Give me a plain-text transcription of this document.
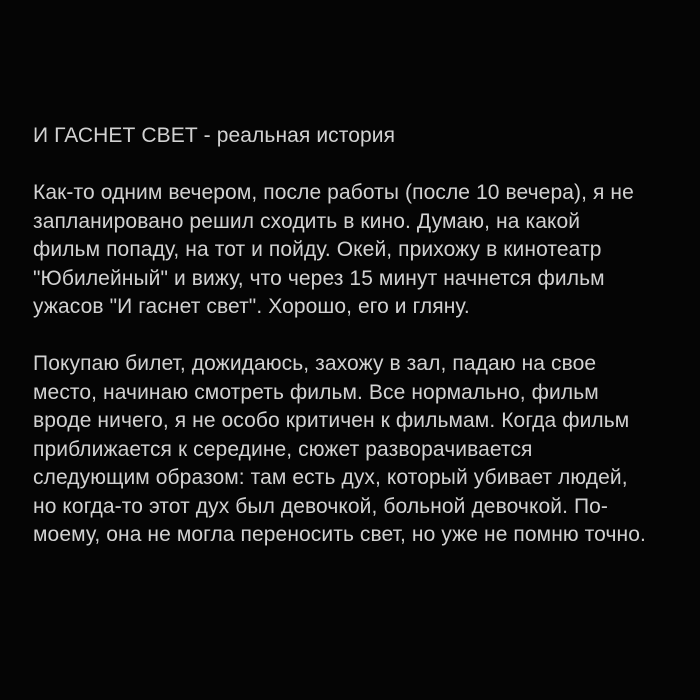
И ГАСНЕТ СВЕТ - реальная история
Как-то одним вечером, после работы (после 10 вечера), я не
запланировано решил сходить в кино. Думаю, на какой
фильм попаду, на тот и пойду. Окей, прихожу в кинотеатр
"Юбилейный" и вижу, что через 15 минут начнется фильм
ужасов "И гаснет свет". Хорошо, его и гляну.
Покупаю билет, дожидаюсь, захожу в зал, падаю на свое
место, начинаю смотреть фильм. Все нормально, фильм
вроде ничего, я не особо критичен к фильмам. Когда фильм
приближается к середине, сюжет разворачивается
следующим образом: там есть дух, который убивает людей,
но когда-то этот дух был девочкой, больной девочкой. По-
моему, она не могла переносить свет, но уже не помню точно.
